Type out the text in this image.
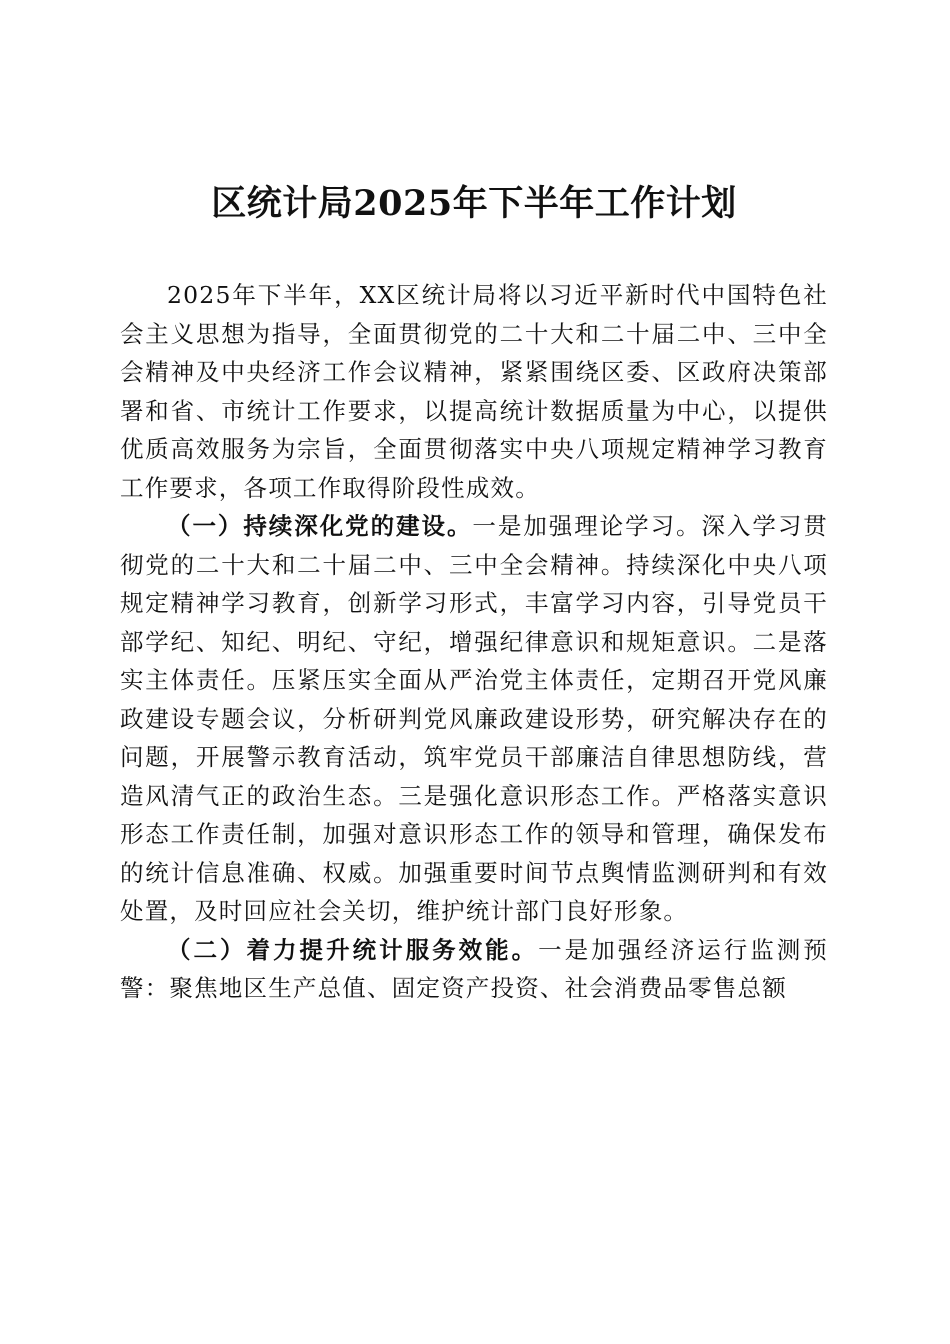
区统计局2025年下半年工作计划

2025年下半年，XX区统计局将以习近平新时代中国特色社会主义思想为指导，全面贯彻党的二十大和二十届二中、三中全会精神及中央经济工作会议精神，紧紧围绕区委、区政府决策部署和省、市统计工作要求，以提高统计数据质量为中心，以提供优质高效服务为宗旨，全面贯彻落实中央八项规定精神学习教育工作要求，各项工作取得阶段性成效。

（一）持续深化党的建设。一是加强理论学习。深入学习贯彻党的二十大和二十届二中、三中全会精神。持续深化中央八项规定精神学习教育，创新学习形式，丰富学习内容，引导党员干部学纪、知纪、明纪、守纪，增强纪律意识和规矩意识。二是落实主体责任。压紧压实全面从严治党主体责任，定期召开党风廉政建设专题会议，分析研判党风廉政建设形势，研究解决存在的问题，开展警示教育活动，筑牢党员干部廉洁自律思想防线，营造风清气正的政治生态。三是强化意识形态工作。严格落实意识形态工作责任制，加强对意识形态工作的领导和管理，确保发布的统计信息准确、权威。加强重要时间节点舆情监测研判和有效处置，及时回应社会关切，维护统计部门良好形象。

（二）着力提升统计服务效能。一是加强经济运行监测预警：聚焦地区生产总值、固定资产投资、社会消费品零售总额
